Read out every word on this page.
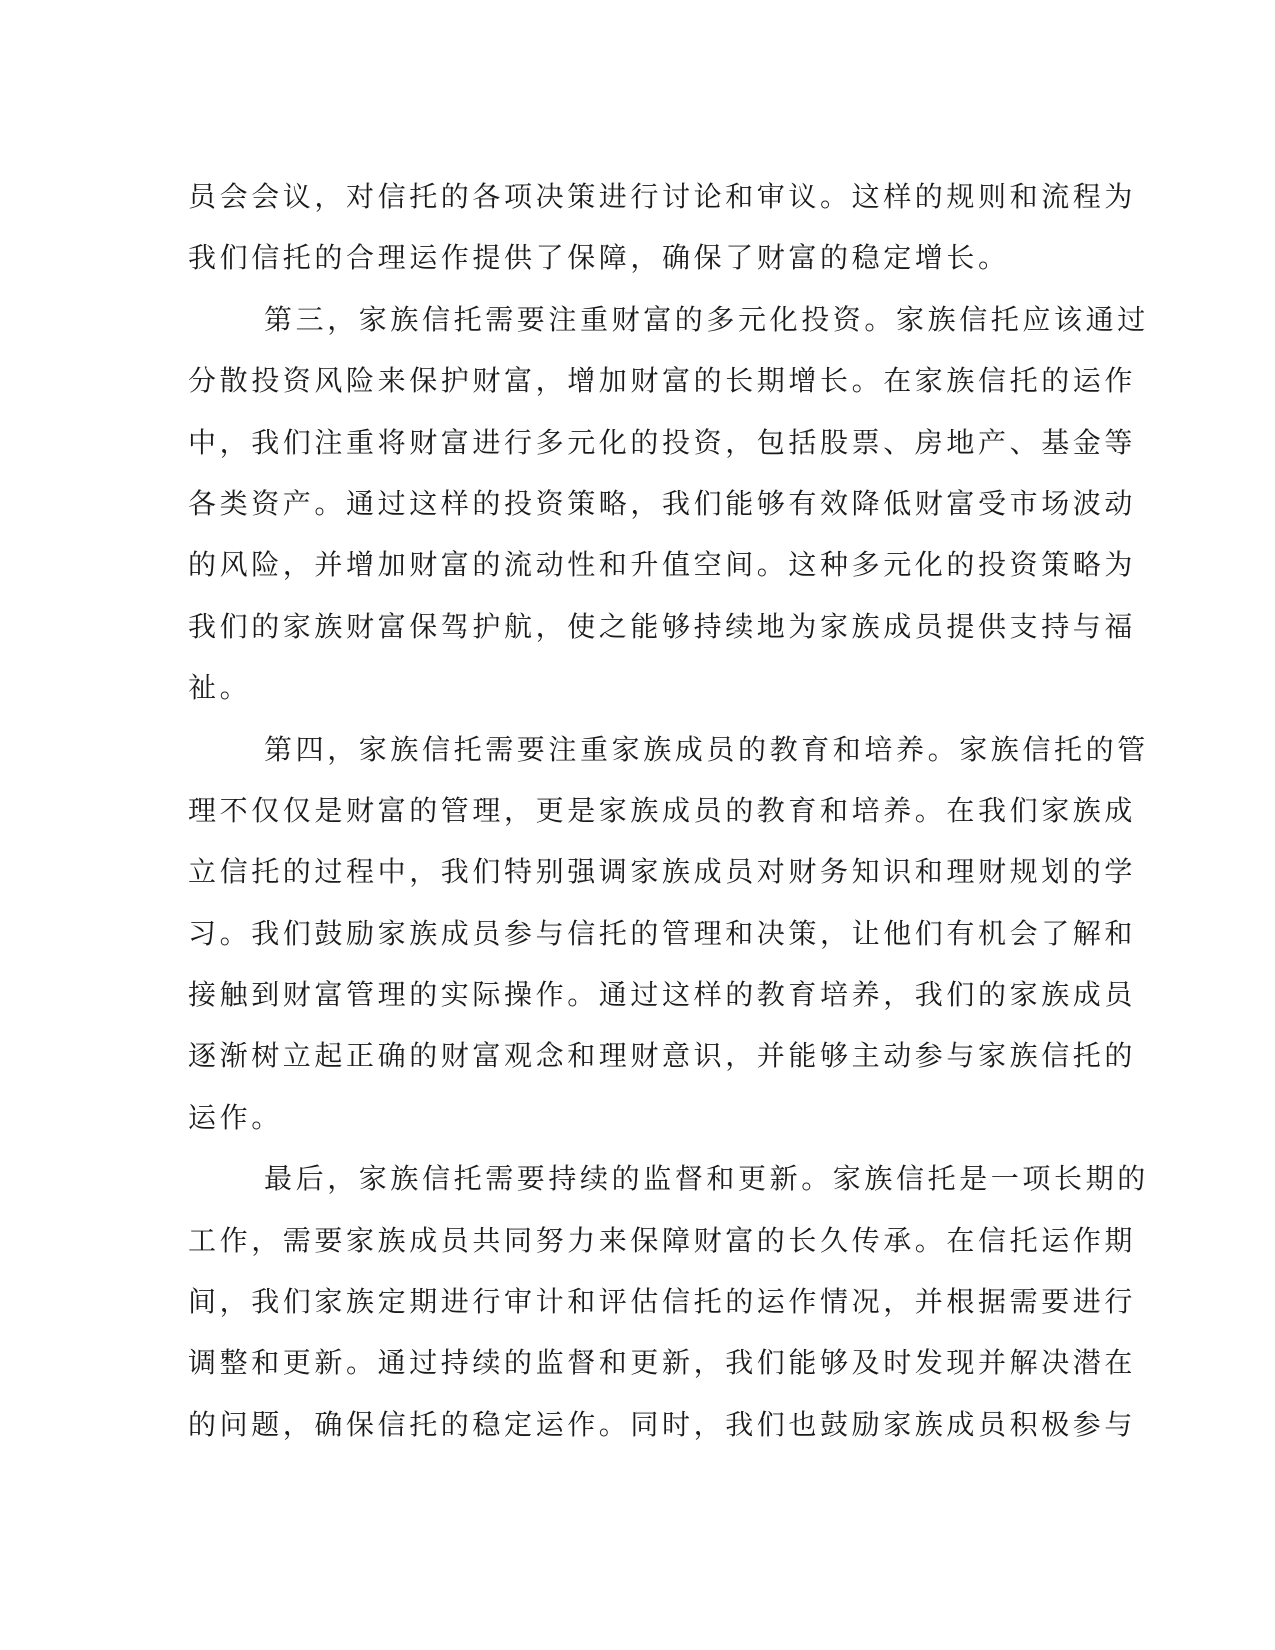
员会会议，对信托的各项决策进行讨论和审议。这样的规则和流程为
我们信托的合理运作提供了保障，确保了财富的稳定增长。
第三，家族信托需要注重财富的多元化投资。家族信托应该通过
分散投资风险来保护财富，增加财富的长期增长。在家族信托的运作
中，我们注重将财富进行多元化的投资，包括股票、房地产、基金等
各类资产。通过这样的投资策略，我们能够有效降低财富受市场波动
的风险，并增加财富的流动性和升值空间。这种多元化的投资策略为
我们的家族财富保驾护航，使之能够持续地为家族成员提供支持与福
祉。
第四，家族信托需要注重家族成员的教育和培养。家族信托的管
理不仅仅是财富的管理，更是家族成员的教育和培养。在我们家族成
立信托的过程中，我们特别强调家族成员对财务知识和理财规划的学
习。我们鼓励家族成员参与信托的管理和决策，让他们有机会了解和
接触到财富管理的实际操作。通过这样的教育培养，我们的家族成员
逐渐树立起正确的财富观念和理财意识，并能够主动参与家族信托的
运作。
最后，家族信托需要持续的监督和更新。家族信托是一项长期的
工作，需要家族成员共同努力来保障财富的长久传承。在信托运作期
间，我们家族定期进行审计和评估信托的运作情况，并根据需要进行
调整和更新。通过持续的监督和更新，我们能够及时发现并解决潜在
的问题，确保信托的稳定运作。同时，我们也鼓励家族成员积极参与
